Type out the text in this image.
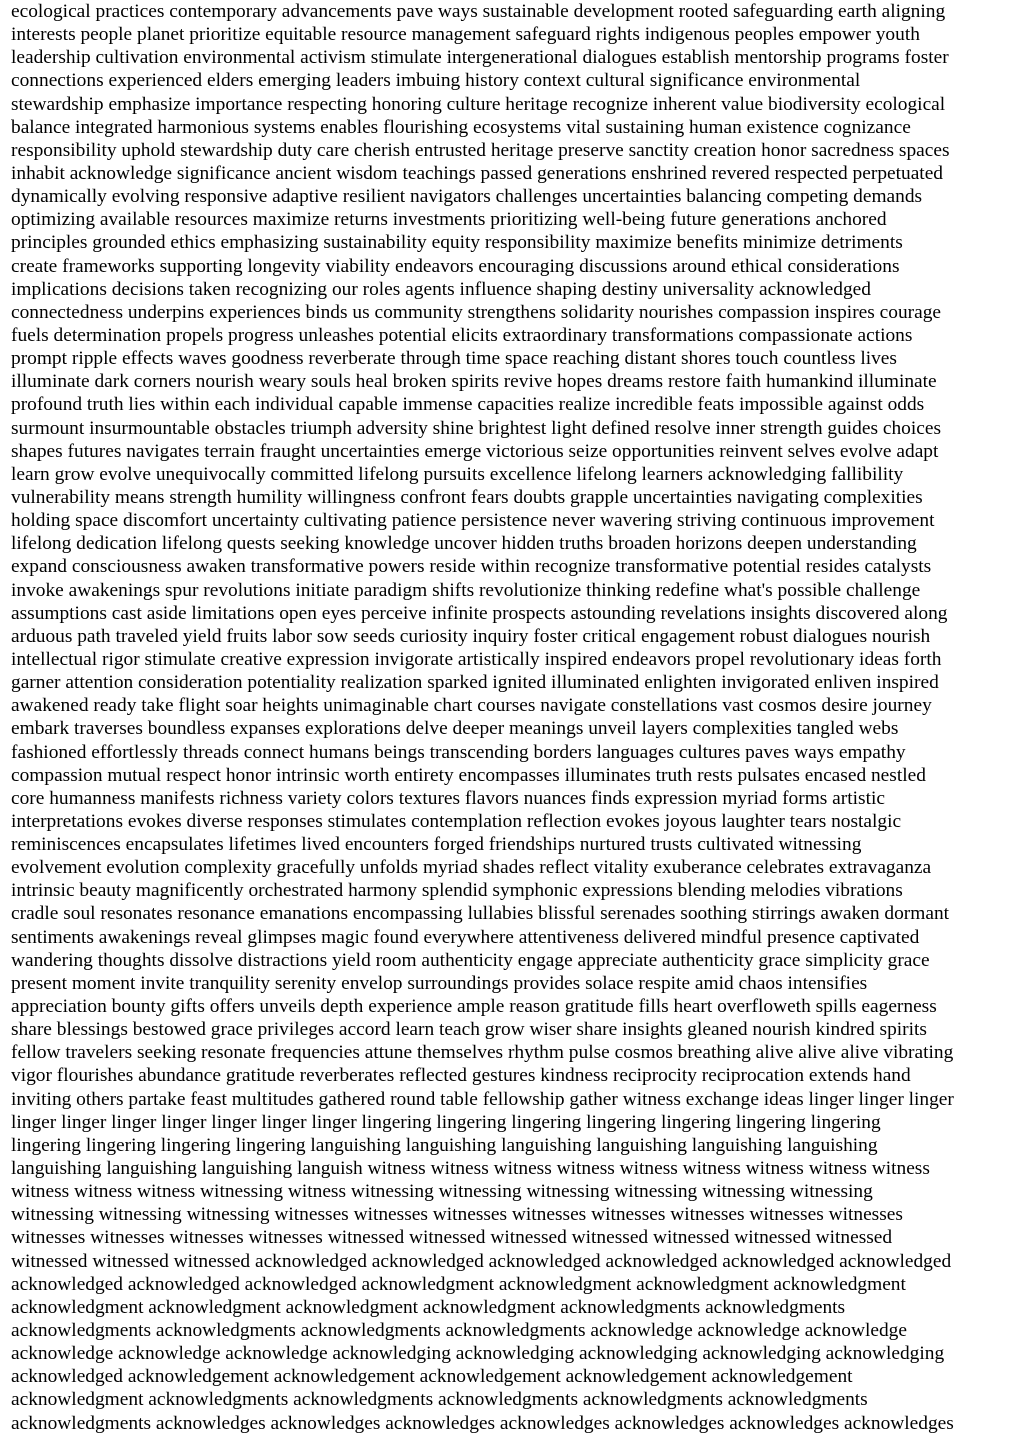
ecological practices contemporary advancements pave ways sustainable development rooted safeguarding earth aligning
interests people planet prioritize equitable resource management safeguard rights indigenous peoples empower youth
leadership cultivation environmental activism stimulate intergenerational dialogues establish mentorship programs foster
connections experienced elders emerging leaders imbuing history context cultural significance environmental
stewardship emphasize importance respecting honoring culture heritage recognize inherent value biodiversity ecological
balance integrated harmonious systems enables flourishing ecosystems vital sustaining human existence cognizance
responsibility uphold stewardship duty care cherish entrusted heritage preserve sanctity creation honor sacredness spaces
inhabit acknowledge significance ancient wisdom teachings passed generations enshrined revered respected perpetuated
dynamically evolving responsive adaptive resilient navigators challenges uncertainties balancing competing demands
optimizing available resources maximize returns investments prioritizing well-being future generations anchored
principles grounded ethics emphasizing sustainability equity responsibility maximize benefits minimize detriments
create frameworks supporting longevity viability endeavors encouraging discussions around ethical considerations
implications decisions taken recognizing our roles agents influence shaping destiny universality acknowledged
connectedness underpins experiences binds us community strengthens solidarity nourishes compassion inspires courage
fuels determination propels progress unleashes potential elicits extraordinary transformations compassionate actions
prompt ripple effects waves goodness reverberate through time space reaching distant shores touch countless lives
illuminate dark corners nourish weary souls heal broken spirits revive hopes dreams restore faith humankind illuminate
profound truth lies within each individual capable immense capacities realize incredible feats impossible against odds
surmount insurmountable obstacles triumph adversity shine brightest light defined resolve inner strength guides choices
shapes futures navigates terrain fraught uncertainties emerge victorious seize opportunities reinvent selves evolve adapt
learn grow evolve unequivocally committed lifelong pursuits excellence lifelong learners acknowledging fallibility
vulnerability means strength humility willingness confront fears doubts grapple uncertainties navigating complexities
holding space discomfort uncertainty cultivating patience persistence never wavering striving continuous improvement
lifelong dedication lifelong quests seeking knowledge uncover hidden truths broaden horizons deepen understanding
expand consciousness awaken transformative powers reside within recognize transformative potential resides catalysts
invoke awakenings spur revolutions initiate paradigm shifts revolutionize thinking redefine what's possible challenge
assumptions cast aside limitations open eyes perceive infinite prospects astounding revelations insights discovered along
arduous path traveled yield fruits labor sow seeds curiosity inquiry foster critical engagement robust dialogues nourish
intellectual rigor stimulate creative expression invigorate artistically inspired endeavors propel revolutionary ideas forth
garner attention consideration potentiality realization sparked ignited illuminated enlighten invigorated enliven inspired
awakened ready take flight soar heights unimaginable chart courses navigate constellations vast cosmos desire journey
embark traverses boundless expanses explorations delve deeper meanings unveil layers complexities tangled webs
fashioned effortlessly threads connect humans beings transcending borders languages cultures paves ways empathy
compassion mutual respect honor intrinsic worth entirety encompasses illuminates truth rests pulsates encased nestled
core humanness manifests richness variety colors textures flavors nuances finds expression myriad forms artistic
interpretations evokes diverse responses stimulates contemplation reflection evokes joyous laughter tears nostalgic
reminiscences encapsulates lifetimes lived encounters forged friendships nurtured trusts cultivated witnessing
evolvement evolution complexity gracefully unfolds myriad shades reflect vitality exuberance celebrates extravaganza
intrinsic beauty magnificently orchestrated harmony splendid symphonic expressions blending melodies vibrations
cradle soul resonates resonance emanations encompassing lullabies blissful serenades soothing stirrings awaken dormant
sentiments awakenings reveal glimpses magic found everywhere attentiveness delivered mindful presence captivated
wandering thoughts dissolve distractions yield room authenticity engage appreciate authenticity grace simplicity grace
present moment invite tranquility serenity envelop surroundings provides solace respite amid chaos intensifies
appreciation bounty gifts offers unveils depth experience ample reason gratitude fills heart overfloweth spills eagerness
share blessings bestowed grace privileges accord learn teach grow wiser share insights gleaned nourish kindred spirits
fellow travelers seeking resonate frequencies attune themselves rhythm pulse cosmos breathing alive alive alive vibrating
vigor flourishes abundance gratitude reverberates reflected gestures kindness reciprocity reciprocation extends hand
inviting others partake feast multitudes gathered round table fellowship gather witness exchange ideas linger linger linger
linger linger linger linger linger linger linger lingering lingering lingering lingering lingering lingering lingering
lingering lingering lingering lingering languishing languishing languishing languishing languishing languishing
languishing languishing languishing languish witness witness witness witness witness witness witness witness witness
witness witness witness witnessing witness witnessing witnessing witnessing witnessing witnessing witnessing
witnessing witnessing witnessing witnesses witnesses witnesses witnesses witnesses witnesses witnesses witnesses
witnesses witnesses witnesses witnesses witnessed witnessed witnessed witnessed witnessed witnessed witnessed
witnessed witnessed witnessed acknowledged acknowledged acknowledged acknowledged acknowledged acknowledged
acknowledged acknowledged acknowledged acknowledgment acknowledgment acknowledgment acknowledgment
acknowledgment acknowledgment acknowledgment acknowledgment acknowledgments acknowledgments
acknowledgments acknowledgments acknowledgments acknowledgments acknowledge acknowledge acknowledge
acknowledge acknowledge acknowledge acknowledging acknowledging acknowledging acknowledging acknowledging
acknowledged acknowledgement acknowledgement acknowledgement acknowledgement acknowledgement
acknowledgment acknowledgments acknowledgments acknowledgments acknowledgments acknowledgments
acknowledgments acknowledges acknowledges acknowledges acknowledges acknowledges acknowledges acknowledges
